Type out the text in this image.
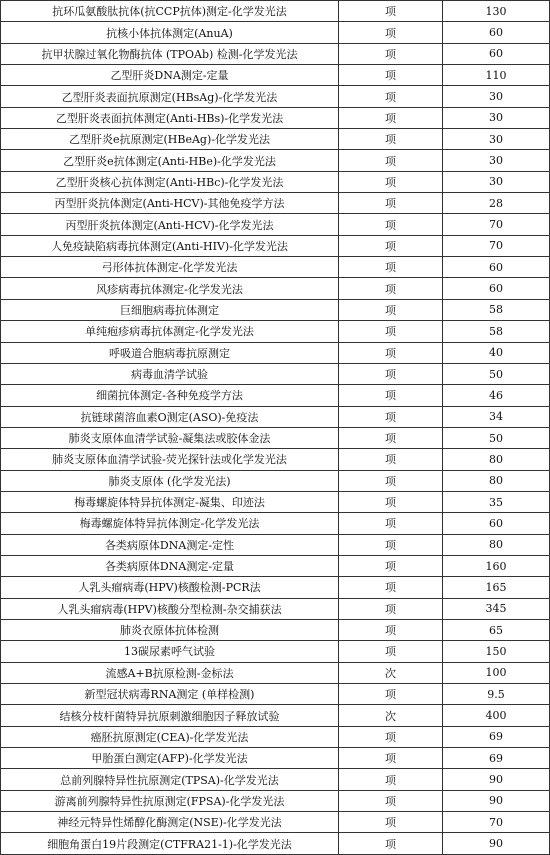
抗环瓜氨酸肽抗体(抗CCP抗体)测定-化学发光法	项	130
抗核小体抗体测定(AnuA)	项	60
抗甲状腺过氧化物酶抗体 (TPOAb) 检测-化学发光法	项	60
乙型肝炎DNA测定-定量	项	110
乙型肝炎表面抗原测定(HBsAg)-化学发光法	项	30
乙型肝炎表面抗体测定(Anti-HBs)-化学发光法	项	30
乙型肝炎e抗原测定(HBeAg)-化学发光法	项	30
乙型肝炎e抗体测定(Anti-HBe)-化学发光法	项	30
乙型肝炎核心抗体测定(Anti-HBc)-化学发光法	项	30
丙型肝炎抗体测定(Anti-HCV)-其他免疫学方法	项	28
丙型肝炎抗体测定(Anti-HCV)-化学发光法	项	70
人免疫缺陷病毒抗体测定(Anti-HIV)-化学发光法	项	70
弓形体抗体测定-化学发光法	项	60
风疹病毒抗体测定-化学发光法	项	60
巨细胞病毒抗体测定	项	58
单纯疱疹病毒抗体测定-化学发光法	项	58
呼吸道合胞病毒抗原测定	项	40
病毒血清学试验	项	50
细菌抗体测定-各种免疫学方法	项	46
抗链球菌溶血素O测定(ASO)-免疫法	项	34
肺炎支原体血清学试验-凝集法或胶体金法	项	50
肺炎支原体血清学试验-荧光探针法或化学发光法	项	80
肺炎支原体 (化学发光法)	项	80
梅毒螺旋体特异抗体测定-凝集、印迹法	项	35
梅毒螺旋体特异抗体测定-化学发光法	项	60
各类病原体DNA测定-定性	项	80
各类病原体DNA测定-定量	项	160
人乳头瘤病毒(HPV)核酸检测-PCR法	项	165
人乳头瘤病毒(HPV)核酸分型检测-杂交捕获法	项	345
肺炎衣原体抗体检测	项	65
13碳尿素呼气试验	项	150
流感A+B抗原检测-金标法	次	100
新型冠状病毒RNA测定 (单样检测)	项	9.5
结核分枝杆菌特异抗原刺激细胞因子释放试验	次	400
癌胚抗原测定(CEA)-化学发光法	项	69
甲胎蛋白测定(AFP)-化学发光法	项	69
总前列腺特异性抗原测定(TPSA)-化学发光法	项	90
游离前列腺特异性抗原测定(FPSA)-化学发光法	项	90
神经元特异性烯醇化酶测定(NSE)-化学发光法	项	70
细胞角蛋白19片段测定(CTFRA21-1)-化学发光法	项	90
